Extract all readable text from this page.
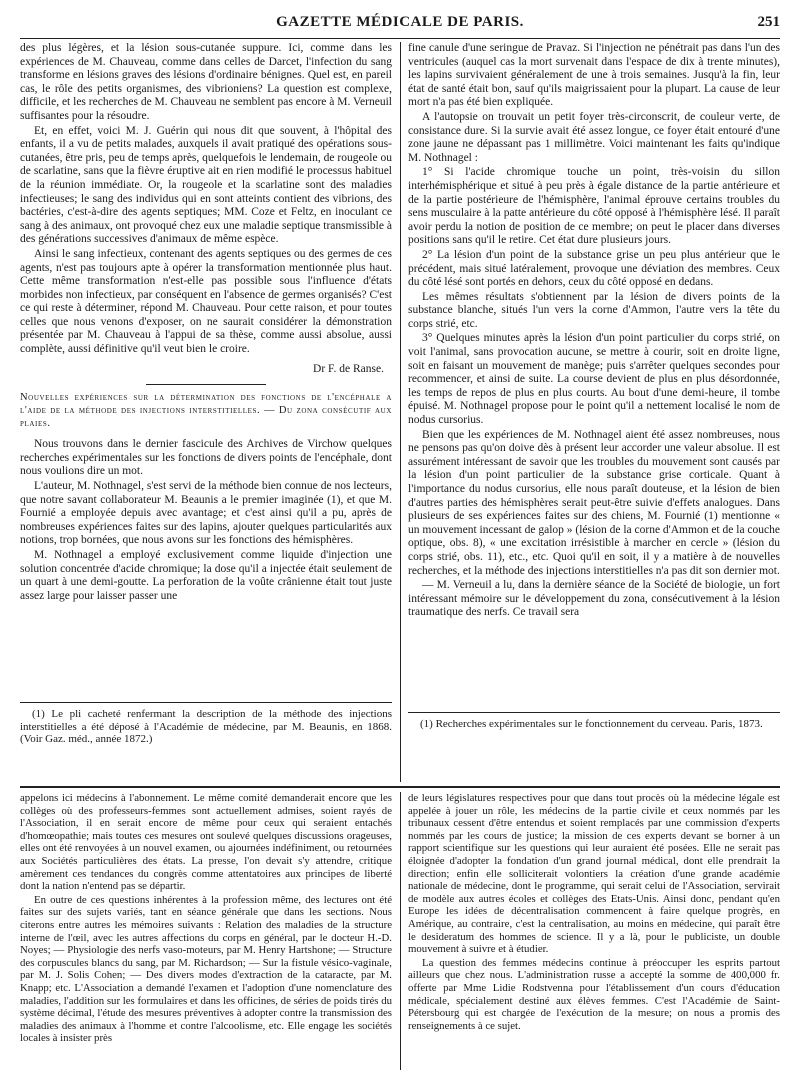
GAZETTE MÉDICALE DE PARIS.	251

des plus légères, et la lésion sous-cutanée suppure. Ici, comme dans les expériences de M. Chauveau, comme dans celles de Darcet, l'infection du sang transforme en lésions graves des lésions d'ordinaire bénignes. Quel est, en pareil cas, le rôle des petits organismes, des vibrioniens? La question est complexe, difficile, et les recherches de M. Chauveau ne semblent pas encore à M. Verneuil suffisantes pour la résoudre.

Et, en effet, voici M. J. Guérin qui nous dit que souvent, à l'hôpital des enfants, il a vu de petits malades, auxquels il avait pratiqué des opérations sous-cutanées, être pris, peu de temps après, quelquefois le lendemain, de rougeole ou de scarlatine, sans que la fièvre éruptive ait en rien modifié le processus habituel de la réunion immédiate. Or, la rougeole et la scarlatine sont des maladies infectieuses; le sang des individus qui en sont atteints contient des vibrions, des bactéries, c'est-à-dire des agents septiques; MM. Coze et Feltz, en inoculant ce sang à des animaux, ont provoqué chez eux une maladie septique transmissible à des générations successives d'animaux de même espèce.

Ainsi le sang infectieux, contenant des agents septiques ou des germes de ces agents, n'est pas toujours apte à opérer la transformation mentionnée plus haut. Cette même transformation n'est-elle pas possible sous l'influence d'états morbides non infectieux, par conséquent en l'absence de germes organisés? C'est ce qui reste à déterminer, répond M. Chauveau. Pour cette raison, et pour toutes celles que nous venons d'exposer, on ne saurait considérer la démonstration présentée par M. Chauveau à l'appui de sa thèse, comme aussi absolue, aussi complète, aussi définitive qu'il veut bien le croire.

Dr F. de Ranse.

Nouvelles expériences sur la détermination des fonctions de l'encéphale a l'aide de la méthode des injections interstitielles. — Du zona consécutif aux plaies.

Nous trouvons dans le dernier fascicule des Archives de Virchow quelques recherches expérimentales sur les fonctions de divers points de l'encéphale, dont nous voulions dire un mot.

L'auteur, M. Nothnagel, s'est servi de la méthode bien connue de nos lecteurs, que notre savant collaborateur M. Beaunis a le premier imaginée (1), et que M. Fournié a employée depuis avec avantage; et c'est ainsi qu'il a pu, après de nombreuses expériences faites sur des lapins, ajouter quelques particularités aux notions, trop bornées, que nous avons sur les fonctions des hémisphères.

M. Nothnagel a employé exclusivement comme liquide d'injection une solution concentrée d'acide chromique; la dose qu'il a injectée était seulement de un quart à une demi-goutte. La perforation de la voûte crânienne était tout juste assez large pour laisser passer une

fine canule d'une seringue de Pravaz. Si l'injection ne pénétrait pas dans l'un des ventricules (auquel cas la mort survenait dans l'espace de dix à trente minutes), les lapins survivaient généralement de une à trois semaines. Jusqu'à la fin, leur état de santé était bon, sauf qu'ils maigrissaient pour la plupart. La cause de leur mort n'a pas été bien expliquée.

A l'autopsie on trouvait un petit foyer très-circonscrit, de couleur verte, de consistance dure. Si la survie avait été assez longue, ce foyer était entouré d'une zone jaune ne dépassant pas 1 millimètre. Voici maintenant les faits qu'indique M. Nothnagel :

1° Si l'acide chromique touche un point, très-voisin du sillon interhémisphérique et situé à peu près à égale distance de la partie antérieure et de la partie postérieure de l'hémisphère, l'animal éprouve certains troubles du sens musculaire à la patte antérieure du côté opposé à l'hémisphère lésé. Il paraît avoir perdu la notion de position de ce membre; on peut le placer dans diverses positions sans qu'il le retire. Cet état dure plusieurs jours.

2° La lésion d'un point de la substance grise un peu plus antérieur que le précédent, mais situé latéralement, provoque une déviation des membres. Ceux du côté lésé sont portés en dehors, ceux du côté opposé en dedans.

Les mêmes résultats s'obtiennent par la lésion de divers points de la substance blanche, situés l'un vers la corne d'Ammon, l'autre vers la tête du corps strié, etc.

3° Quelques minutes après la lésion d'un point particulier du corps strié, on voit l'animal, sans provocation aucune, se mettre à courir, soit en droite ligne, soit en faisant un mouvement de manège; puis s'arrêter quelques secondes pour recommencer, et ainsi de suite. La course devient de plus en plus désordonnée, les temps de repos de plus en plus courts. Au bout d'une demi-heure, il tombe épuisé. M. Nothnagel propose pour le point qu'il a nettement localisé le nom de nodus cursorius.

Bien que les expériences de M. Nothnagel aient été assez nombreuses, nous ne pensons pas qu'on doive dès à présent leur accorder une valeur absolue. Il est assurément intéressant de savoir que les troubles du mouvement sont causés par la lésion d'un point particulier de la substance grise corticale. Quant à l'importance du nodus cursorius, elle nous paraît douteuse, et la lésion de bien d'autres parties des hémisphères serait peut-être suivie d'effets analogues. Dans plusieurs de ses expériences faites sur des chiens, M. Fournié (1) mentionne « un mouvement incessant de galop » (lésion de la corne d'Ammon et de la couche optique, obs. 8), « une excitation irrésistible à marcher en cercle » (lésion du corps strié, obs. 11), etc., etc. Quoi qu'il en soit, il y a matière à de nouvelles recherches, et la méthode des injections interstitielles n'a pas dit son dernier mot.

— M. Verneuil a lu, dans la dernière séance de la Société de biologie, un fort intéressant mémoire sur le développement du zona, consécutivement à la lésion traumatique des nerfs. Ce travail sera

(1) Le pli cacheté renfermant la description de la méthode des injections interstitielles a été déposé à l'Académie de médecine, par M. Beaunis, en 1868. (Voir Gaz. méd., année 1872.)

(1) Recherches expérimentales sur le fonctionnement du cerveau. Paris, 1873.

appelons ici médecins à l'abonnement. Le même comité demanderait encore que les collèges où des professeurs-femmes sont actuellement admises, soient rayés de l'Association, il en serait encore de même pour ceux qui seraient entachés d'homœopathie; mais toutes ces mesures ont soulevé quelques discussions orageuses, elles ont été renvoyées à un nouvel examen, ou ajournées indéfiniment, ou retournées aux Sociétés particulières des états. La presse, l'on devait s'y attendre, critique amèrement ces tendances du congrès comme attentatoires aux principes de liberté dont la nation n'entend pas se départir.

En outre de ces questions inhérentes à la profession même, des lectures ont été faites sur des sujets variés, tant en séance générale que dans les sections. Nous citerons entre autres les mémoires suivants : Relation des maladies de la structure interne de l'œil, avec les autres affections du corps en général, par le docteur H.-D. Noyes; — Physiologie des nerfs vaso-moteurs, par M. Henry Hartshone; — Structure des corpuscules blancs du sang, par M. Richardson; — Sur la fistule vésico-vaginale, par M. J. Solis Cohen; — Des divers modes d'extraction de la cataracte, par M. Knapp; etc. L'Association a demandé l'examen et l'adoption d'une nomenclature des maladies, l'addition sur les formulaires et dans les officines, de séries de poids tirés du système décimal, l'étude des mesures préventives à adopter contre la transmission des maladies des animaux à l'homme et contre l'alcoolisme, etc. Elle engage les sociétés locales à insister près

de leurs législatures respectives pour que dans tout procès où la médecine légale est appelée à jouer un rôle, les médecins de la partie civile et ceux nommés par les tribunaux cessent d'être entendus et soient remplacés par une commission d'experts nommés par les cours de justice; la mission de ces experts devant se borner à un rapport scientifique sur les questions qui leur auraient été posées. Elle ne serait pas éloignée d'adopter la fondation d'un grand journal médical, dont elle prendrait la direction; enfin elle solliciterait volontiers la création d'une grande académie nationale de médecine, dont le programme, qui serait celui de l'Association, servirait de modèle aux autres écoles et collèges des Etats-Unis. Ainsi donc, pendant qu'en Europe les idées de décentralisation commencent à faire quelque progrès, en Amérique, au contraire, c'est la centralisation, au moins en médecine, qui paraît être le desideratum des hommes de science. Il y a là, pour le publiciste, un double mouvement à suivre et à étudier.

La question des femmes médecins continue à préoccuper les esprits partout ailleurs que chez nous. L'administration russe a accepté la somme de 400,000 fr. offerte par Mme Lidie Rodstvenna pour l'établissement d'un cours d'éducation médicale, spécialement destiné aux élèves femmes. C'est l'Académie de Saint-Pétersbourg qui est chargée de l'exécution de la mesure; on nous a promis des renseignements à ce sujet.
